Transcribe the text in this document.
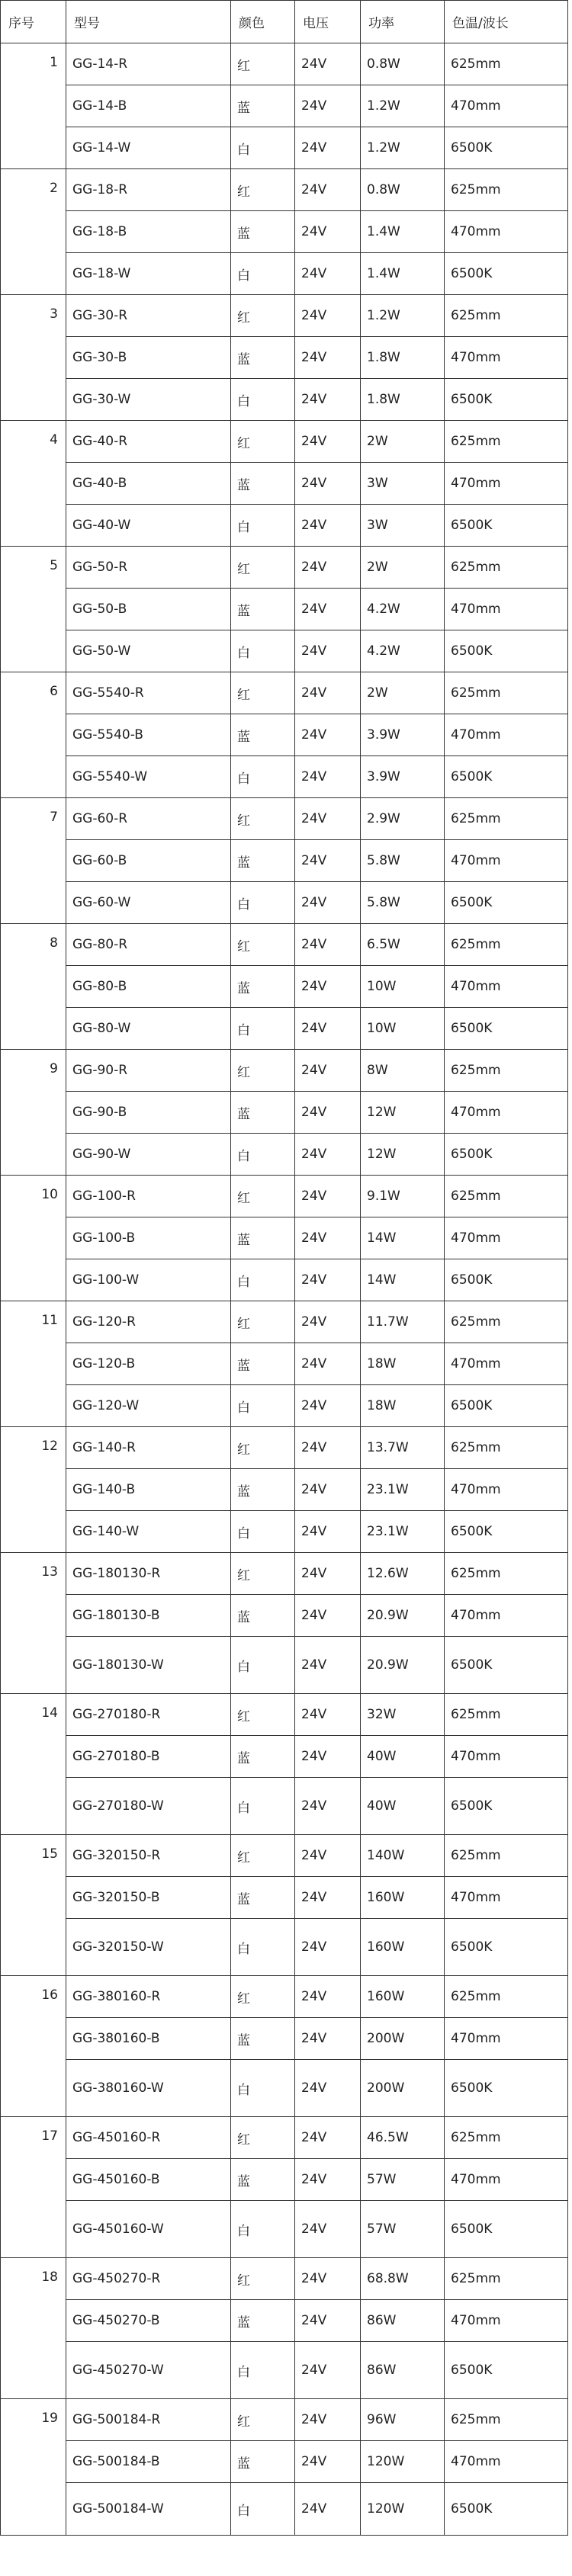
序号	型号	颜色	电压	功率	色温/波长
1	GG-14-R	红	24V	0.8W	625mm
	GG-14-B	蓝	24V	1.2W	470mm
	GG-14-W	白	24V	1.2W	6500K
2	GG-18-R	红	24V	0.8W	625mm
	GG-18-B	蓝	24V	1.4W	470mm
	GG-18-W	白	24V	1.4W	6500K
3	GG-30-R	红	24V	1.2W	625mm
	GG-30-B	蓝	24V	1.8W	470mm
	GG-30-W	白	24V	1.8W	6500K
4	GG-40-R	红	24V	2W	625mm
	GG-40-B	蓝	24V	3W	470mm
	GG-40-W	白	24V	3W	6500K
5	GG-50-R	红	24V	2W	625mm
	GG-50-B	蓝	24V	4.2W	470mm
	GG-50-W	白	24V	4.2W	6500K
6	GG-5540-R	红	24V	2W	625mm
	GG-5540-B	蓝	24V	3.9W	470mm
	GG-5540-W	白	24V	3.9W	6500K
7	GG-60-R	红	24V	2.9W	625mm
	GG-60-B	蓝	24V	5.8W	470mm
	GG-60-W	白	24V	5.8W	6500K
8	GG-80-R	红	24V	6.5W	625mm
	GG-80-B	蓝	24V	10W	470mm
	GG-80-W	白	24V	10W	6500K
9	GG-90-R	红	24V	8W	625mm
	GG-90-B	蓝	24V	12W	470mm
	GG-90-W	白	24V	12W	6500K
10	GG-100-R	红	24V	9.1W	625mm
	GG-100-B	蓝	24V	14W	470mm
	GG-100-W	白	24V	14W	6500K
11	GG-120-R	红	24V	11.7W	625mm
	GG-120-B	蓝	24V	18W	470mm
	GG-120-W	白	24V	18W	6500K
12	GG-140-R	红	24V	13.7W	625mm
	GG-140-B	蓝	24V	23.1W	470mm
	GG-140-W	白	24V	23.1W	6500K
13	GG-180130-R	红	24V	12.6W	625mm
	GG-180130-B	蓝	24V	20.9W	470mm
	GG-180130-W	白	24V	20.9W	6500K
14	GG-270180-R	红	24V	32W	625mm
	GG-270180-B	蓝	24V	40W	470mm
	GG-270180-W	白	24V	40W	6500K
15	GG-320150-R	红	24V	140W	625mm
	GG-320150-B	蓝	24V	160W	470mm
	GG-320150-W	白	24V	160W	6500K
16	GG-380160-R	红	24V	160W	625mm
	GG-380160-B	蓝	24V	200W	470mm
	GG-380160-W	白	24V	200W	6500K
17	GG-450160-R	红	24V	46.5W	625mm
	GG-450160-B	蓝	24V	57W	470mm
	GG-450160-W	白	24V	57W	6500K
18	GG-450270-R	红	24V	68.8W	625mm
	GG-450270-B	蓝	24V	86W	470mm
	GG-450270-W	白	24V	86W	6500K
19	GG-500184-R	红	24V	96W	625mm
	GG-500184-B	蓝	24V	120W	470mm
	GG-500184-W	白	24V	120W	6500K
